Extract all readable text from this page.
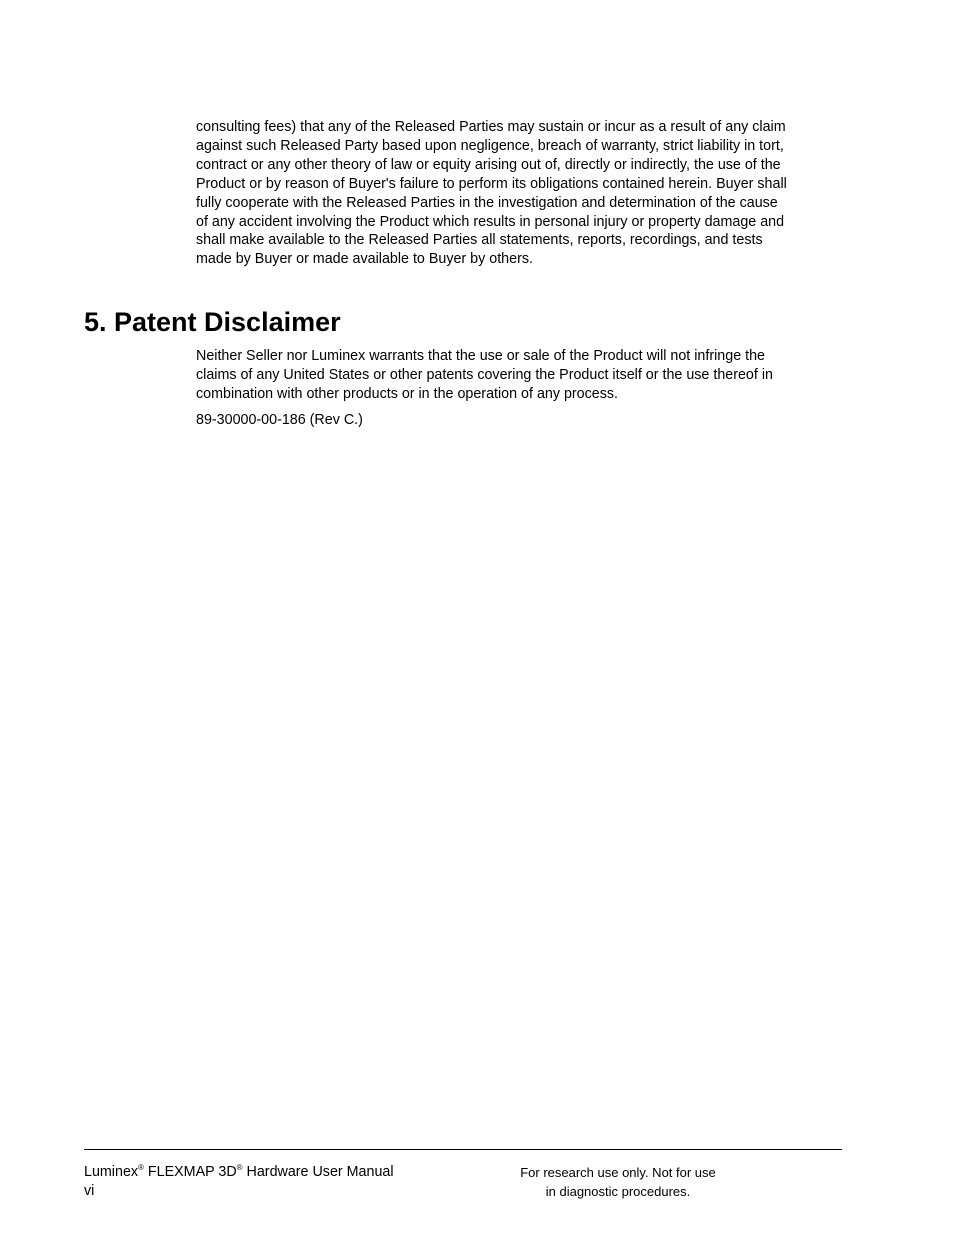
consulting fees) that any of the Released Parties may sustain or incur as a result of any claim
against such Released Party based upon negligence, breach of warranty, strict liability in tort,
contract or any other theory of law or equity arising out of, directly or indirectly, the use of the
Product or by reason of Buyer's failure to perform its obligations contained herein. Buyer shall
fully cooperate with the Released Parties in the investigation and determination of the cause
of any accident involving the Product which results in personal injury or property damage and
shall make available to the Released Parties all statements, reports, recordings, and tests
made by Buyer or made available to Buyer by others.
5. Patent Disclaimer
Neither Seller nor Luminex warrants that the use or sale of the Product will not infringe the
claims of any United States or other patents covering the Product itself or the use thereof in
combination with other products or in the operation of any process.
89-30000-00-186 (Rev C.)
Luminex® FLEXMAP 3D® Hardware User Manual
vi
For research use only. Not for use
in diagnostic procedures.
